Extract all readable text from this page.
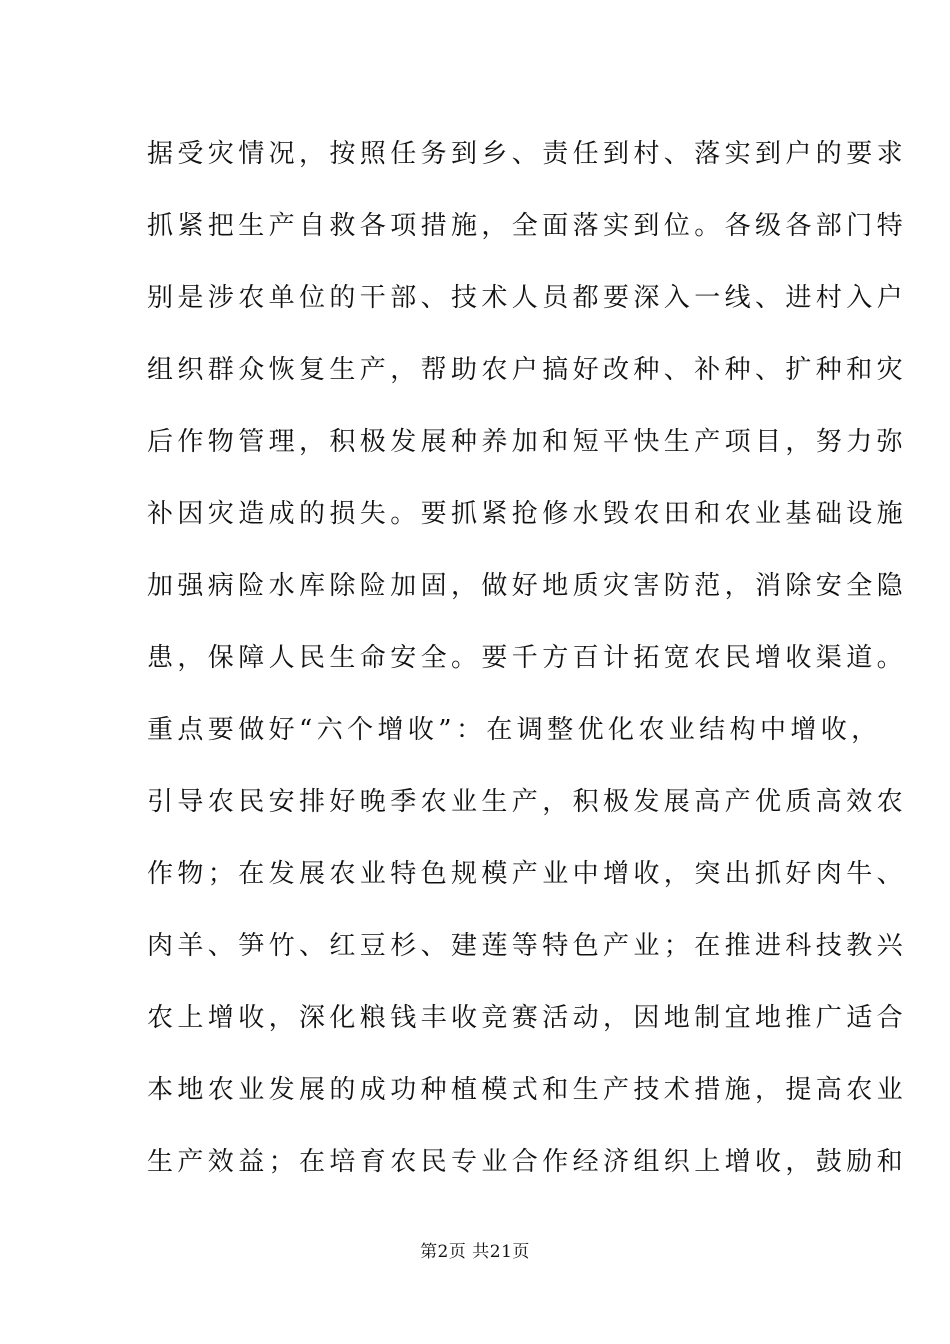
据受灾情况，按照任务到乡、责任到村、落实到户的要求
抓紧把生产自救各项措施，全面落实到位。各级各部门特
别是涉农单位的干部、技术人员都要深入一线、进村入户
组织群众恢复生产，帮助农户搞好改种、补种、扩种和灾
后作物管理，积极发展种养加和短平快生产项目，努力弥
补因灾造成的损失。要抓紧抢修水毁农田和农业基础设施
加强病险水库除险加固，做好地质灾害防范，消除安全隐
患，保障人民生命安全。要千方百计拓宽农民增收渠道。
重点要做好“六个增收”：在调整优化农业结构中增收，
引导农民安排好晚季农业生产，积极发展高产优质高效农
作物；在发展农业特色规模产业中增收，突出抓好肉牛、
肉羊、笋竹、红豆杉、建莲等特色产业；在推进科技教兴
农上增收，深化粮钱丰收竞赛活动，因地制宜地推广适合
本地农业发展的成功种植模式和生产技术措施，提高农业
生产效益；在培育农民专业合作经济组织上增收，鼓励和
第2页 共21页
